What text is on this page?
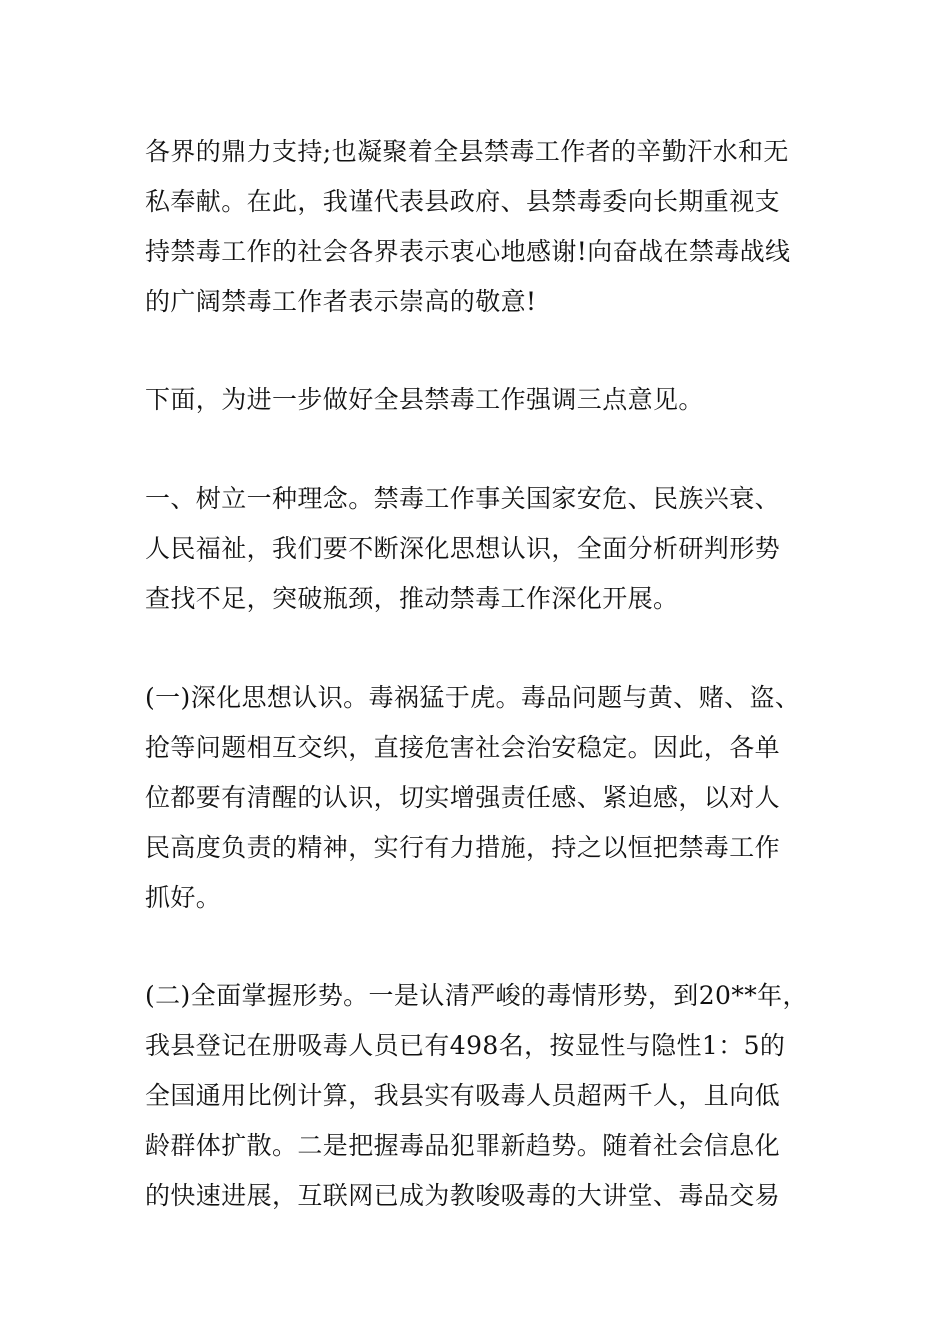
各界的鼎力支持;也凝聚着全县禁毒工作者的辛勤汗水和无
私奉献。在此，我谨代表县政府、县禁毒委向长期重视支
持禁毒工作的社会各界表示衷心地感谢!向奋战在禁毒战线
的广阔禁毒工作者表示崇高的敬意!
下面，为进一步做好全县禁毒工作强调三点意见。
一、树立一种理念。禁毒工作事关国家安危、民族兴衰、
人民福祉，我们要不断深化思想认识，全面分析研判形势
查找不足，突破瓶颈，推动禁毒工作深化开展。
(一)深化思想认识。毒祸猛于虎。毒品问题与黄、赌、盗、
抢等问题相互交织，直接危害社会治安稳定。因此，各单
位都要有清醒的认识，切实增强责任感、紧迫感，以对人
民高度负责的精神，实行有力措施，持之以恒把禁毒工作
抓好。
(二)全面掌握形势。一是认清严峻的毒情形势，到20**年，
我县登记在册吸毒人员已有498名，按显性与隐性1：5的
全国通用比例计算，我县实有吸毒人员超两千人，且向低
龄群体扩散。二是把握毒品犯罪新趋势。随着社会信息化
的快速进展，互联网已成为教唆吸毒的大讲堂、毒品交易
